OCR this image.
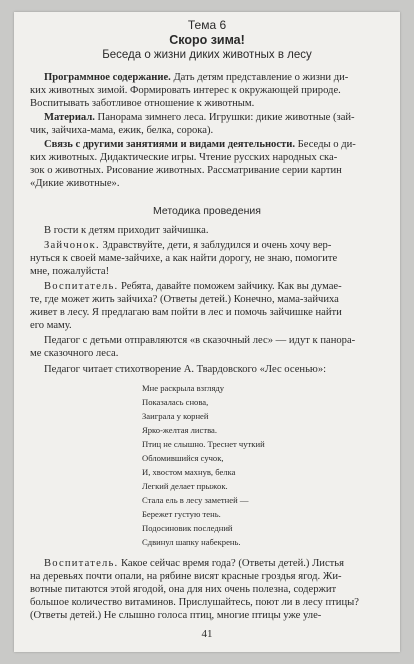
Тема 6
Скоро зима!
Беседа о жизни диких животных в лесу
Программное содержание. Дать детям представление о жизни ди-
ких животных зимой. Формировать интерес к окружающей природе.
Воспитывать заботливое отношение к животным.
Материал. Панорама зимнего леса. Игрушки: дикие животные (зай-
чик, зайчиха-мама, ежик, белка, сорока).
Связь с другими занятиями и видами деятельности. Беседы о ди-
ких животных. Дидактические игры. Чтение русских народных ска-
зок о животных. Рисование животных. Рассматривание серии картин
«Дикие животные».
Методика проведения
В гости к детям приходит зайчишка.
Зайчонок. Здравствуйте, дети, я заблудился и очень хочу вер-
нуться к своей маме-зайчихе, а как найти дорогу, не знаю, помогите
мне, пожалуйста!
Воспитатель. Ребята, давайте поможем зайчику. Как вы думае-
те, где может жить зайчиха? (Ответы детей.) Конечно, мама-зайчиха
живет в лесу. Я предлагаю вам пойти в лес и помочь зайчишке найти
его маму.
Педагог с детьми отправляются «в сказочный лес» — идут к панора-
ме сказочного леса.
Педагог читает стихотворение А. Твардовского «Лес осенью»:
Мне раскрыла взгляду
Показалась снова,
Заиграла у корней
Ярко-желтая листва.
Птиц не слышно. Треснет чуткий
Обломившийся сучок,
И, хвостом махнув, белка
Легкий делает прыжок.
Стала ель в лесу заметней —
Бережет густую тень.
Подосиновик последний
Сдвинул шапку набекрень.
Воспитатель. Какое сейчас время года? (Ответы детей.) Листья
на деревьях почти опали, на рябине висят красные гроздья ягод. Жи-
вотные питаются этой ягодой, она для них очень полезна, содержит
большое количество витаминов. Прислушайтесь, поют ли в лесу птицы?
(Ответы детей.) Не слышно голоса птиц, многие птицы уже уле-
41
